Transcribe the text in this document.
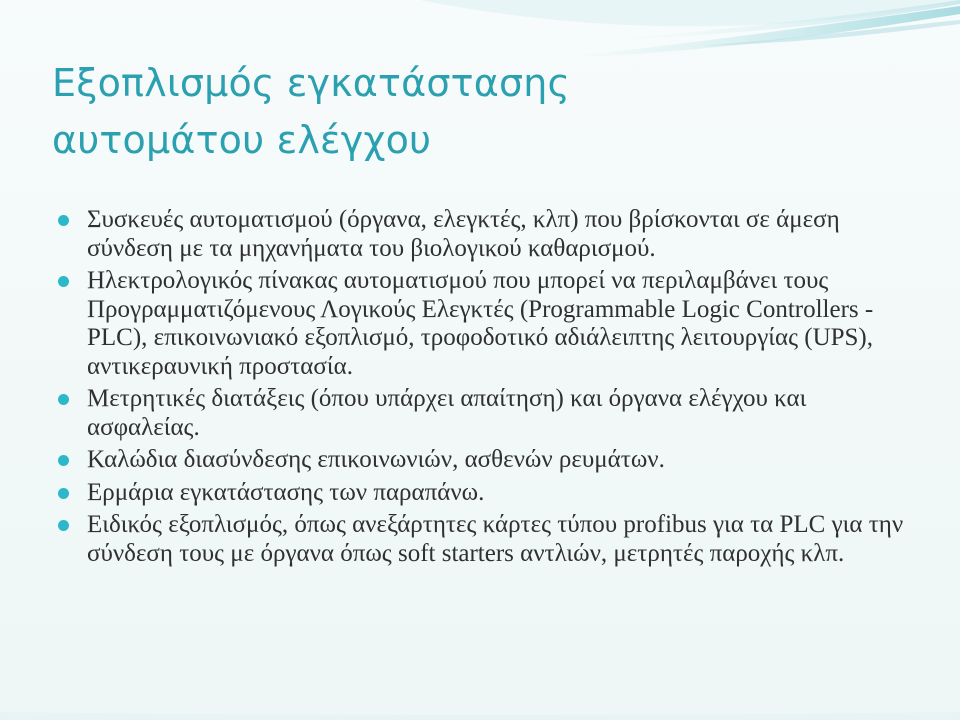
Εξοπλισμός εγκατάστασης
αυτομάτου ελέγχου
Συσκευές αυτοματισμού (όργανα, ελεγκτές, κλπ) που βρίσκονται σε άμεση σύνδεση με τα μηχανήματα του βιολογικού καθαρισμού.
Ηλεκτρολογικός πίνακας αυτοματισμού που μπορεί να περιλαμβάνει τους Προγραμματιζόμενους Λογικούς Ελεγκτές (Programmable Logic Controllers - PLC), επικοινωνιακό εξοπλισμό, τροφοδοτικό αδιάλειπτης λειτουργίας (UPS), αντικεραυνική προστασία.
Μετρητικές διατάξεις (όπου υπάρχει απαίτηση) και όργανα ελέγχου και ασφαλείας.
Καλώδια διασύνδεσης επικοινωνιών, ασθενών ρευμάτων.
Ερμάρια εγκατάστασης των παραπάνω.
Ειδικός εξοπλισμός, όπως ανεξάρτητες κάρτες τύπου profibus για τα PLC για την σύνδεση τους με όργανα όπως soft starters αντλιών, μετρητές παροχής κλπ.
